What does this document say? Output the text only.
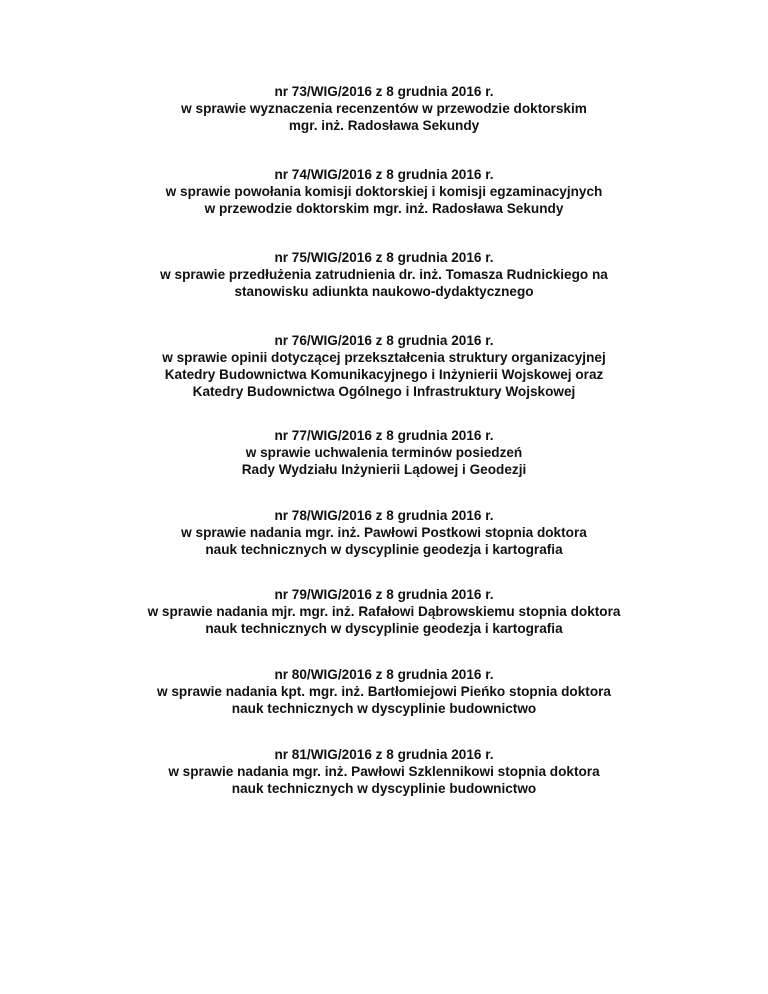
nr 73/WIG/2016 z 8 grudnia 2016 r.
w sprawie wyznaczenia recenzentów w przewodzie doktorskim
mgr. inż. Radosława Sekundy
nr 74/WIG/2016 z 8 grudnia 2016 r.
w sprawie powołania komisji doktorskiej i komisji egzaminacyjnych
w przewodzie doktorskim mgr. inż. Radosława Sekundy
nr 75/WIG/2016 z 8 grudnia 2016 r.
w sprawie przedłużenia zatrudnienia dr. inż. Tomasza Rudnickiego na
stanowisku adiunkta naukowo-dydaktycznego
nr 76/WIG/2016 z 8 grudnia 2016 r.
w sprawie opinii dotyczącej przekształcenia struktury organizacyjnej
Katedry Budownictwa Komunikacyjnego i Inżynierii Wojskowej oraz
Katedry Budownictwa Ogólnego i Infrastruktury Wojskowej
nr 77/WIG/2016 z 8 grudnia 2016 r.
w sprawie uchwalenia terminów posiedzeń
Rady Wydziału Inżynierii Lądowej i Geodezji
nr 78/WIG/2016 z 8 grudnia 2016 r.
w sprawie nadania mgr. inż. Pawłowi Postkowi stopnia doktora
nauk technicznych w dyscyplinie geodezja i kartografia
nr 79/WIG/2016 z 8 grudnia 2016 r.
w sprawie nadania mjr. mgr. inż. Rafałowi Dąbrowskiemu stopnia doktora
nauk technicznych w dyscyplinie geodezja i kartografia
nr 80/WIG/2016 z 8 grudnia 2016 r.
w sprawie nadania kpt. mgr. inż. Bartłomiejowi Pieńko stopnia doktora
nauk technicznych w dyscyplinie budownictwo
nr 81/WIG/2016 z 8 grudnia 2016 r.
w sprawie nadania mgr. inż. Pawłowi Szklennikowi stopnia doktora
nauk technicznych w dyscyplinie budownictwo
